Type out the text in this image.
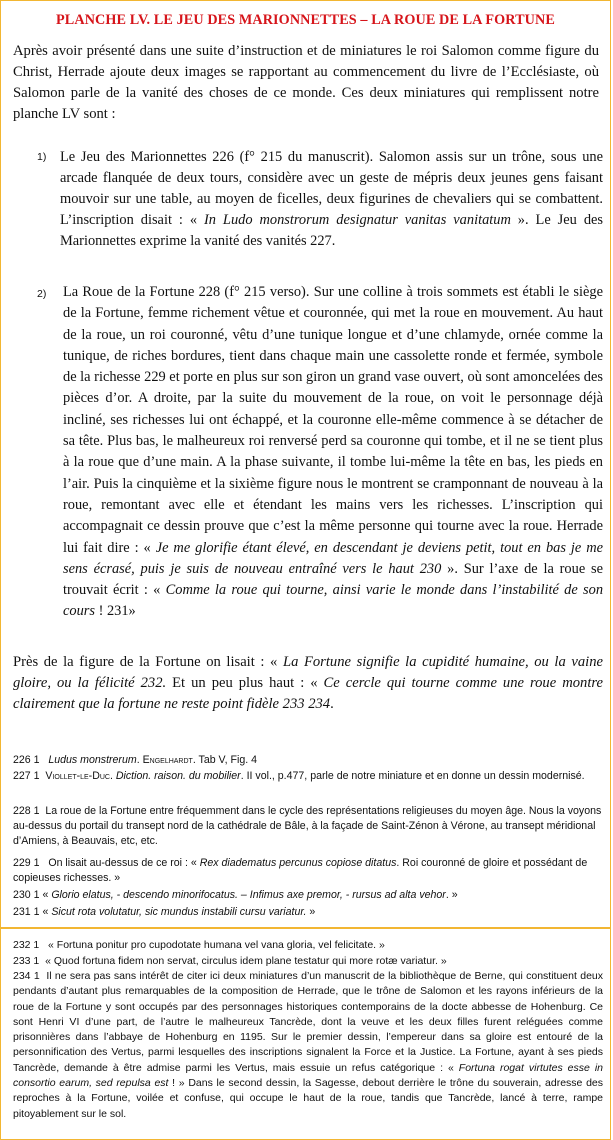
PLANCHE LV. LE JEU DES MARIONNETTES – LA ROUE DE LA FORTUNE

Après avoir présenté dans une suite d’instruction et de miniatures le roi Salomon comme figure du Christ, Herrade ajoute deux images se rapportant au commencement du livre de l’Ecclésiaste, où Salomon parle de la vanité des choses de ce monde. Ces deux miniatures qui remplissent notre planche LV sont :

1) Le Jeu des Marionnettes 226 (f° 215 du manuscrit). Salomon assis sur un trône, sous une arcade flanquée de deux tours, considère avec un geste de mépris deux jeunes gens faisant mouvoir sur une table, au moyen de ficelles, deux figurines de chevaliers qui se combattent. L’inscription disait : « In Ludo monstrorum designatur vanitas vanitatum ». Le Jeu des Marionnettes exprime la vanité des vanités 227.

2) La Roue de la Fortune 228 (f° 215 verso). Sur une colline à trois sommets est établi le siège de la Fortune, femme richement vêtue et couronnée, qui met la roue en mouvement. Au haut de la roue, un roi couronné, vêtu d’une tunique longue et d’une chlamyde, ornée comme la tunique, de riches bordures, tient dans chaque main une cassolette ronde et fermée, symbole de la richesse 229 et porte en plus sur son giron un grand vase ouvert, où sont amoncelées des pièces d’or. A droite, par la suite du mouvement de la roue, on voit le personnage déjà incliné, ses richesses lui ont échappé, et la couronne elle-même commence à se détacher de sa tête. Plus bas, le malheureux roi renversé perd sa couronne qui tombe, et il ne se tient plus à la roue que d’une main. A la phase suivante, il tombe lui-même la tête en bas, les pieds en l’air. Puis la cinquième et la sixième figure nous le montrent se cramponnant de nouveau à la roue, remontant avec elle et étendant les mains vers les richesses. L’inscription qui accompagnait ce dessin prouve que c’est la même personne qui tourne avec la roue. Herrade lui fait dire : « Je me glorifie étant élevé, en descendant je deviens petit, tout en bas je me sens écrasé, puis je suis de nouveau entraîné vers le haut 230 ». Sur l’axe de la roue se trouvait écrit : « Comme la roue qui tourne, ainsi varie le monde dans l’instabilité de son cours ! 231»

Près de la figure de la Fortune on lisait : « La Fortune signifie la cupidité humaine, ou la vaine gloire, ou la félicité 232. Et un peu plus haut : « Ce cercle qui tourne comme une roue montre clairement que la fortune ne reste point fidèle 233 234.

226 1 Ludus monstrerum. Engelhardt. Tab V, Fig. 4

227 1 Viollet-le-Duc. Diction. raison. du mobilier. II vol., p.477, parle de notre miniature et en donne un dessin modernisé.

228 1 La roue de la Fortune entre fréquemment dans le cycle des représentations religieuses du moyen âge. Nous la voyons au-dessus du portail du transept nord de la cathédrale de Bâle, à la façade de Saint-Zénon à Vérone, au transept méridional d’Amiens, à Beauvais, etc, etc.

229 1 On lisait au-dessus de ce roi : « Rex diadematus percunus copiose ditatus. Roi couronné de gloire et possédant de copieuses richesses. »

230 1 « Glorio elatus, - descendo minorifocatus. – Infimus axe premor, - rursus ad alta vehor. »

231 1 « Sicut rota volutatur, sic mundus instabili cursu variatur. »

232 1 « Fortuna ponitur pro cupodotate humana vel vana gloria, vel felicitate. »

233 1 « Quod fortuna fidem non servat, circulus idem plane testatur qui more rotæ variatur. »

234 1 Il ne sera pas sans intérêt de citer ici deux miniatures d’un manuscrit de la bibliothèque de Berne, qui constituent deux pendants d’autant plus remarquables de la composition de Herrade, que le trône de Salomon et les rayons inférieurs de la roue de la Fortune y sont occupés par des personnages historiques contemporains de la docte abbesse de Hohenburg. Ce sont Henri VI d’une part, de l’autre le malheureux Tancrède, dont la veuve et les deux filles furent reléguées comme prisonnières dans l’abbaye de Hohenburg en 1195. Sur le premier dessin, l’empereur dans sa gloire est entouré de la personnification des Vertus, parmi lesquelles des inscriptions signalent la Force et la Justice. La Fortune, ayant à ses pieds Tancrède, demande à être admise parmi les Vertus, mais essuie un refus catégorique : « Fortuna rogat virtutes esse in consortio earum, sed repulsa est ! » Dans le second dessin, la Sagesse, debout derrière le trône du souverain, adresse des reproches à la Fortune, voilée et confuse, qui occupe le haut de la roue, tandis que Tancrède, lancé à terre, rampe pitoyablement sur le sol.
